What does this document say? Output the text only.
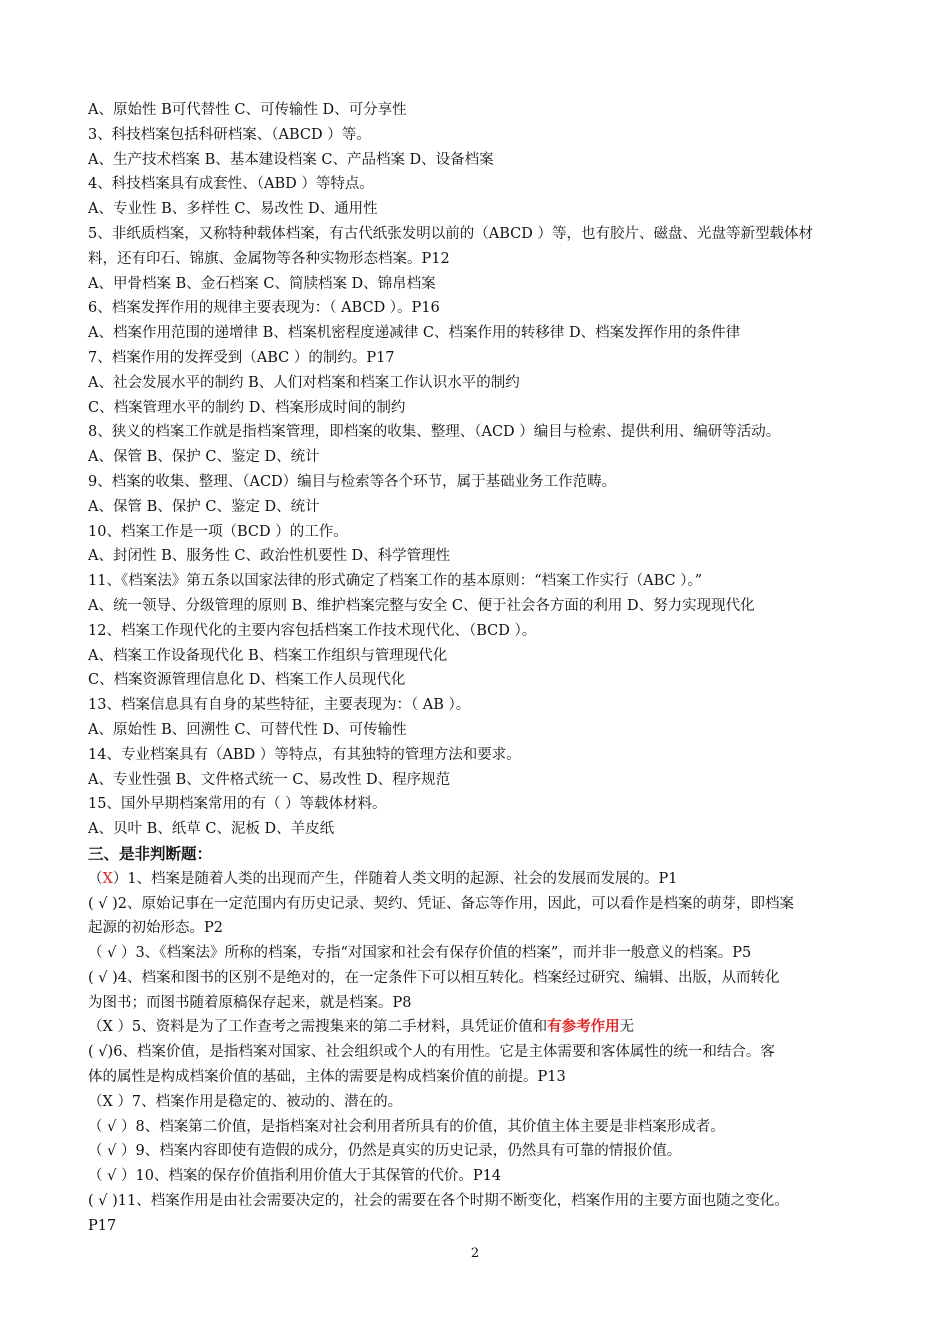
A、原始性 B可代替性 C、可传输性 D、可分享性
3、科技档案包括科研档案、（ABCD ）等。
A、生产技术档案 B、基本建设档案 C、产品档案 D、设备档案
4、科技档案具有成套性、（ABD ）等特点。
A、专业性 B、多样性 C、易改性 D、通用性
5、非纸质档案，又称特种载体档案，有古代纸张发明以前的（ABCD ）等，也有胶片、磁盘、光盘等新型载体材
料，还有印石、锦旗、金属物等各种实物形态档案。P12
A、甲骨档案 B、金石档案 C、简牍档案 D、锦帛档案
6、档案发挥作用的规律主要表现为：（ ABCD ）。P16
A、档案作用范围的递增律 B、档案机密程度递减律 C、档案作用的转移律 D、档案发挥作用的条件律
7、档案作用的发挥受到（ABC ）的制约。P17
A、社会发展水平的制约 B、人们对档案和档案工作认识水平的制约
C、档案管理水平的制约 D、档案形成时间的制约
8、狭义的档案工作就是指档案管理，即档案的收集、整理、（ACD ）编目与检索、提供利用、编研等活动。
A、保管 B、保护 C、鉴定 D、统计
9、档案的收集、整理、（ACD）编目与检索等各个环节，属于基础业务工作范畴。
A、保管 B、保护 C、鉴定 D、统计
10、档案工作是一项（BCD ）的工作。
A、封闭性 B、服务性 C、政治性机要性 D、科学管理性
11、《档案法》第五条以国家法律的形式确定了档案工作的基本原则：“档案工作实行（ABC ）。”
A、统一领导、分级管理的原则 B、维护档案完整与安全 C、便于社会各方面的利用 D、努力实现现代化
12、档案工作现代化的主要内容包括档案工作技术现代化、（BCD ）。
A、档案工作设备现代化 B、档案工作组织与管理现代化
C、档案资源管理信息化 D、档案工作人员现代化
13、档案信息具有自身的某些特征，主要表现为：（ AB ）。
A、原始性 B、回溯性 C、可替代性 D、可传输性
14、专业档案具有（ABD ）等特点，有其独特的管理方法和要求。
A、专业性强 B、文件格式统一 C、易改性 D、程序规范
15、国外早期档案常用的有（ ）等载体材料。
A、贝叶 B、纸草 C、泥板 D、羊皮纸
三、是非判断题：
（X）1、档案是随着人类的出现而产生，伴随着人类文明的起源、社会的发展而发展的。P1
( √ )2、原始记事在一定范围内有历史记录、契约、凭证、备忘等作用，因此，可以看作是档案的萌芽，即档案
起源的初始形态。P2
（ √ ）3、《档案法》所称的档案，专指“对国家和社会有保存价值的档案”，而并非一般意义的档案。P5
( √ )4、档案和图书的区别不是绝对的，在一定条件下可以相互转化。档案经过研究、编辑、出版，从而转化
为图书；而图书随着原稿保存起来，就是档案。P8
（X ）5、资料是为了工作查考之需搜集来的第二手材料，具凭证价值和有参考作用无
( √)6、档案价值，是指档案对国家、社会组织或个人的有用性。它是主体需要和客体属性的统一和结合。客
体的属性是构成档案价值的基础，主体的需要是构成档案价值的前提。P13
（X ）7、档案作用是稳定的、被动的、潜在的。
（ √ ）8、档案第二价值，是指档案对社会利用者所具有的价值，其价值主体主要是非档案形成者。
（ √ ）9、档案内容即使有造假的成分，仍然是真实的历史记录，仍然具有可靠的情报价值。
（ √ ）10、档案的保存价值指利用价值大于其保管的代价。P14
( √ )11、档案作用是由社会需要决定的，社会的需要在各个时期不断变化，档案作用的主要方面也随之变化。
P17
2
